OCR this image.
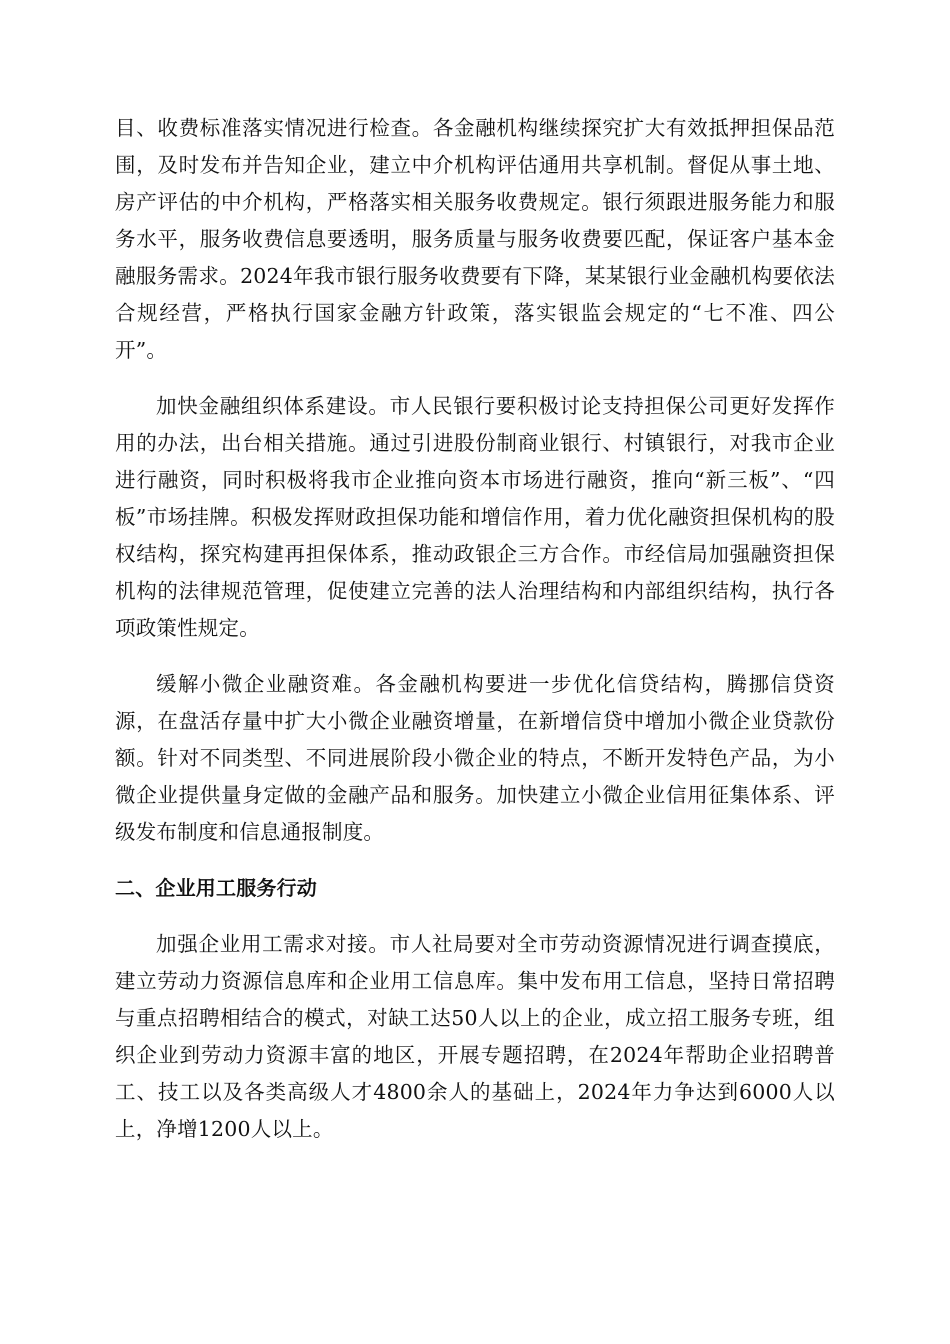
目、收费标准落实情况进行检查。各金融机构继续探究扩大有效抵押担保品范围，及时发布并告知企业，建立中介机构评估通用共享机制。督促从事土地、房产评估的中介机构，严格落实相关服务收费规定。银行须跟进服务能力和服务水平，服务收费信息要透明，服务质量与服务收费要匹配，保证客户基本金融服务需求。2024年我市银行服务收费要有下降，某某银行业金融机构要依法合规经营，严格执行国家金融方针政策，落实银监会规定的“七不准、四公开”。

加快金融组织体系建设。市人民银行要积极讨论支持担保公司更好发挥作用的办法，出台相关措施。通过引进股份制商业银行、村镇银行，对我市企业进行融资，同时积极将我市企业推向资本市场进行融资，推向“新三板”、“四板”市场挂牌。积极发挥财政担保功能和增信作用，着力优化融资担保机构的股权结构，探究构建再担保体系，推动政银企三方合作。市经信局加强融资担保机构的法律规范管理，促使建立完善的法人治理结构和内部组织结构，执行各项政策性规定。

缓解小微企业融资难。各金融机构要进一步优化信贷结构，腾挪信贷资源，在盘活存量中扩大小微企业融资增量，在新增信贷中增加小微企业贷款份额。针对不同类型、不同进展阶段小微企业的特点，不断开发特色产品，为小微企业提供量身定做的金融产品和服务。加快建立小微企业信用征集体系、评级发布制度和信息通报制度。

二、企业用工服务行动

加强企业用工需求对接。市人社局要对全市劳动资源情况进行调查摸底，建立劳动力资源信息库和企业用工信息库。集中发布用工信息，坚持日常招聘与重点招聘相结合的模式，对缺工达50人以上的企业，成立招工服务专班，组织企业到劳动力资源丰富的地区，开展专题招聘，在2024年帮助企业招聘普工、技工以及各类高级人才4800余人的基础上，2024年力争达到6000人以上，净增1200人以上。
